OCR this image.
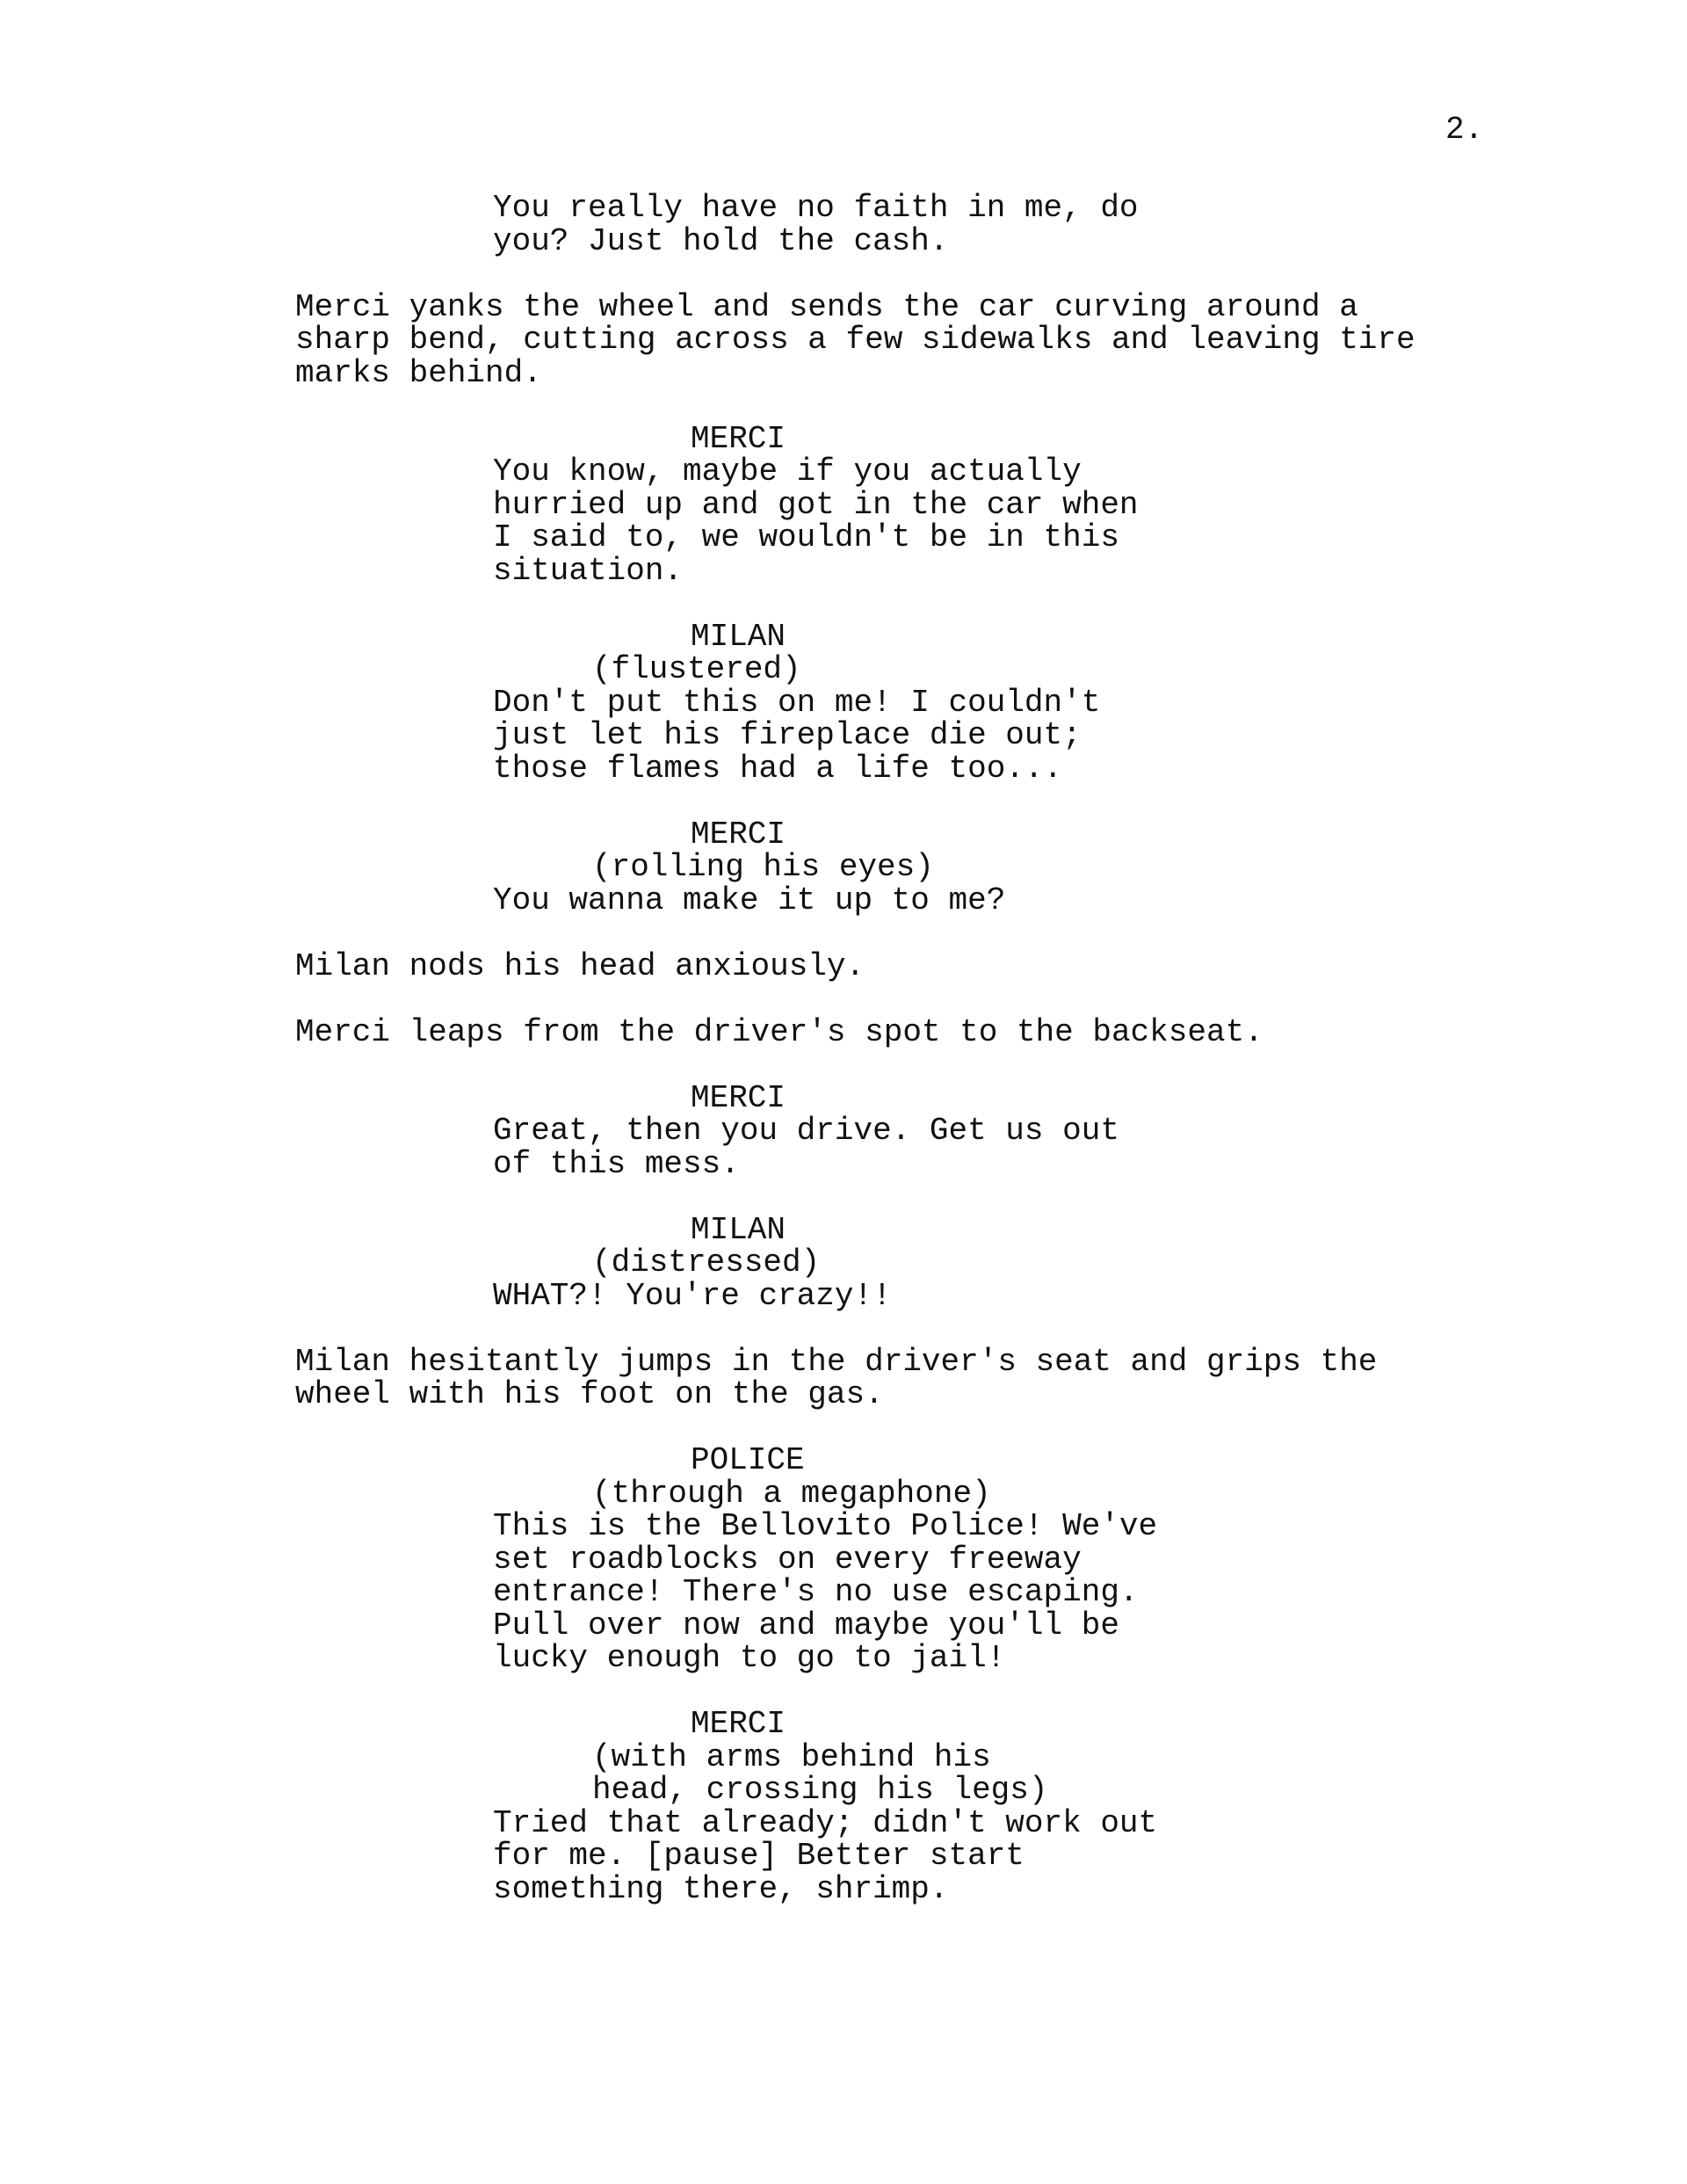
2.
You really have no faith in me, do
you? Just hold the cash.
Merci yanks the wheel and sends the car curving around a
sharp bend, cutting across a few sidewalks and leaving tire
marks behind.
MERCI
You know, maybe if you actually
hurried up and got in the car when
I said to, we wouldn't be in this
situation.
MILAN
(flustered)
Don't put this on me! I couldn't
just let his fireplace die out;
those flames had a life too...
MERCI
(rolling his eyes)
You wanna make it up to me?
Milan nods his head anxiously.
Merci leaps from the driver's spot to the backseat.
MERCI
Great, then you drive. Get us out
of this mess.
MILAN
(distressed)
WHAT?! You're crazy!!
Milan hesitantly jumps in the driver's seat and grips the
wheel with his foot on the gas.
POLICE
(through a megaphone)
This is the Bellovito Police! We've
set roadblocks on every freeway
entrance! There's no use escaping.
Pull over now and maybe you'll be
lucky enough to go to jail!
MERCI
(with arms behind his
head, crossing his legs)
Tried that already; didn't work out
for me. [pause] Better start
something there, shrimp.
